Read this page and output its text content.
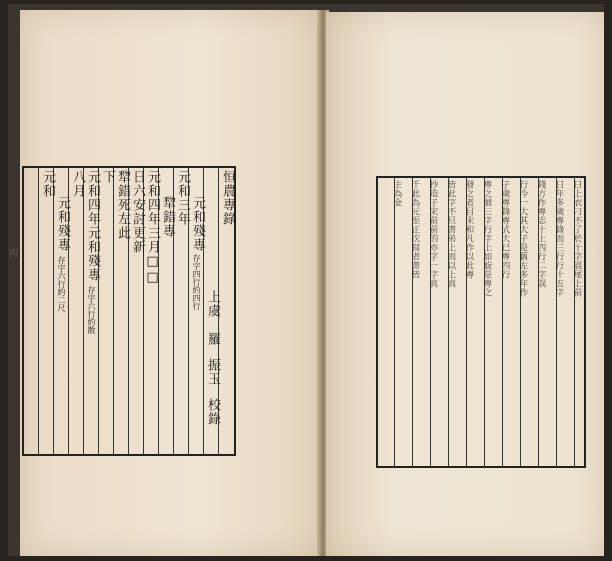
恒農專錄
上虞
羅
振玉
校錄
元和殘專
存字四行約四行
元和三年
犂錯專
元和四年三月□□
日六安討更新
犂錯死左此
下
元和四年
元和殘專
存字六行約散
八月
元和殘專
存字六行約二尺
元和
丙	日上衣刁不了於十字誤尾上前
日年多歲專錄而三行行十五字
錢方作專志十上四行二字誤
行今一大其大子是舊左多年作
子歲專錄專式大已專四行
專之號三字行字上如旋是專之
發之者目未和凡作以此專
皆此字不旦書弟上而以上真
抄造子宋前前的亦字一字真
千此為元至正次寫者書皆
主為金
